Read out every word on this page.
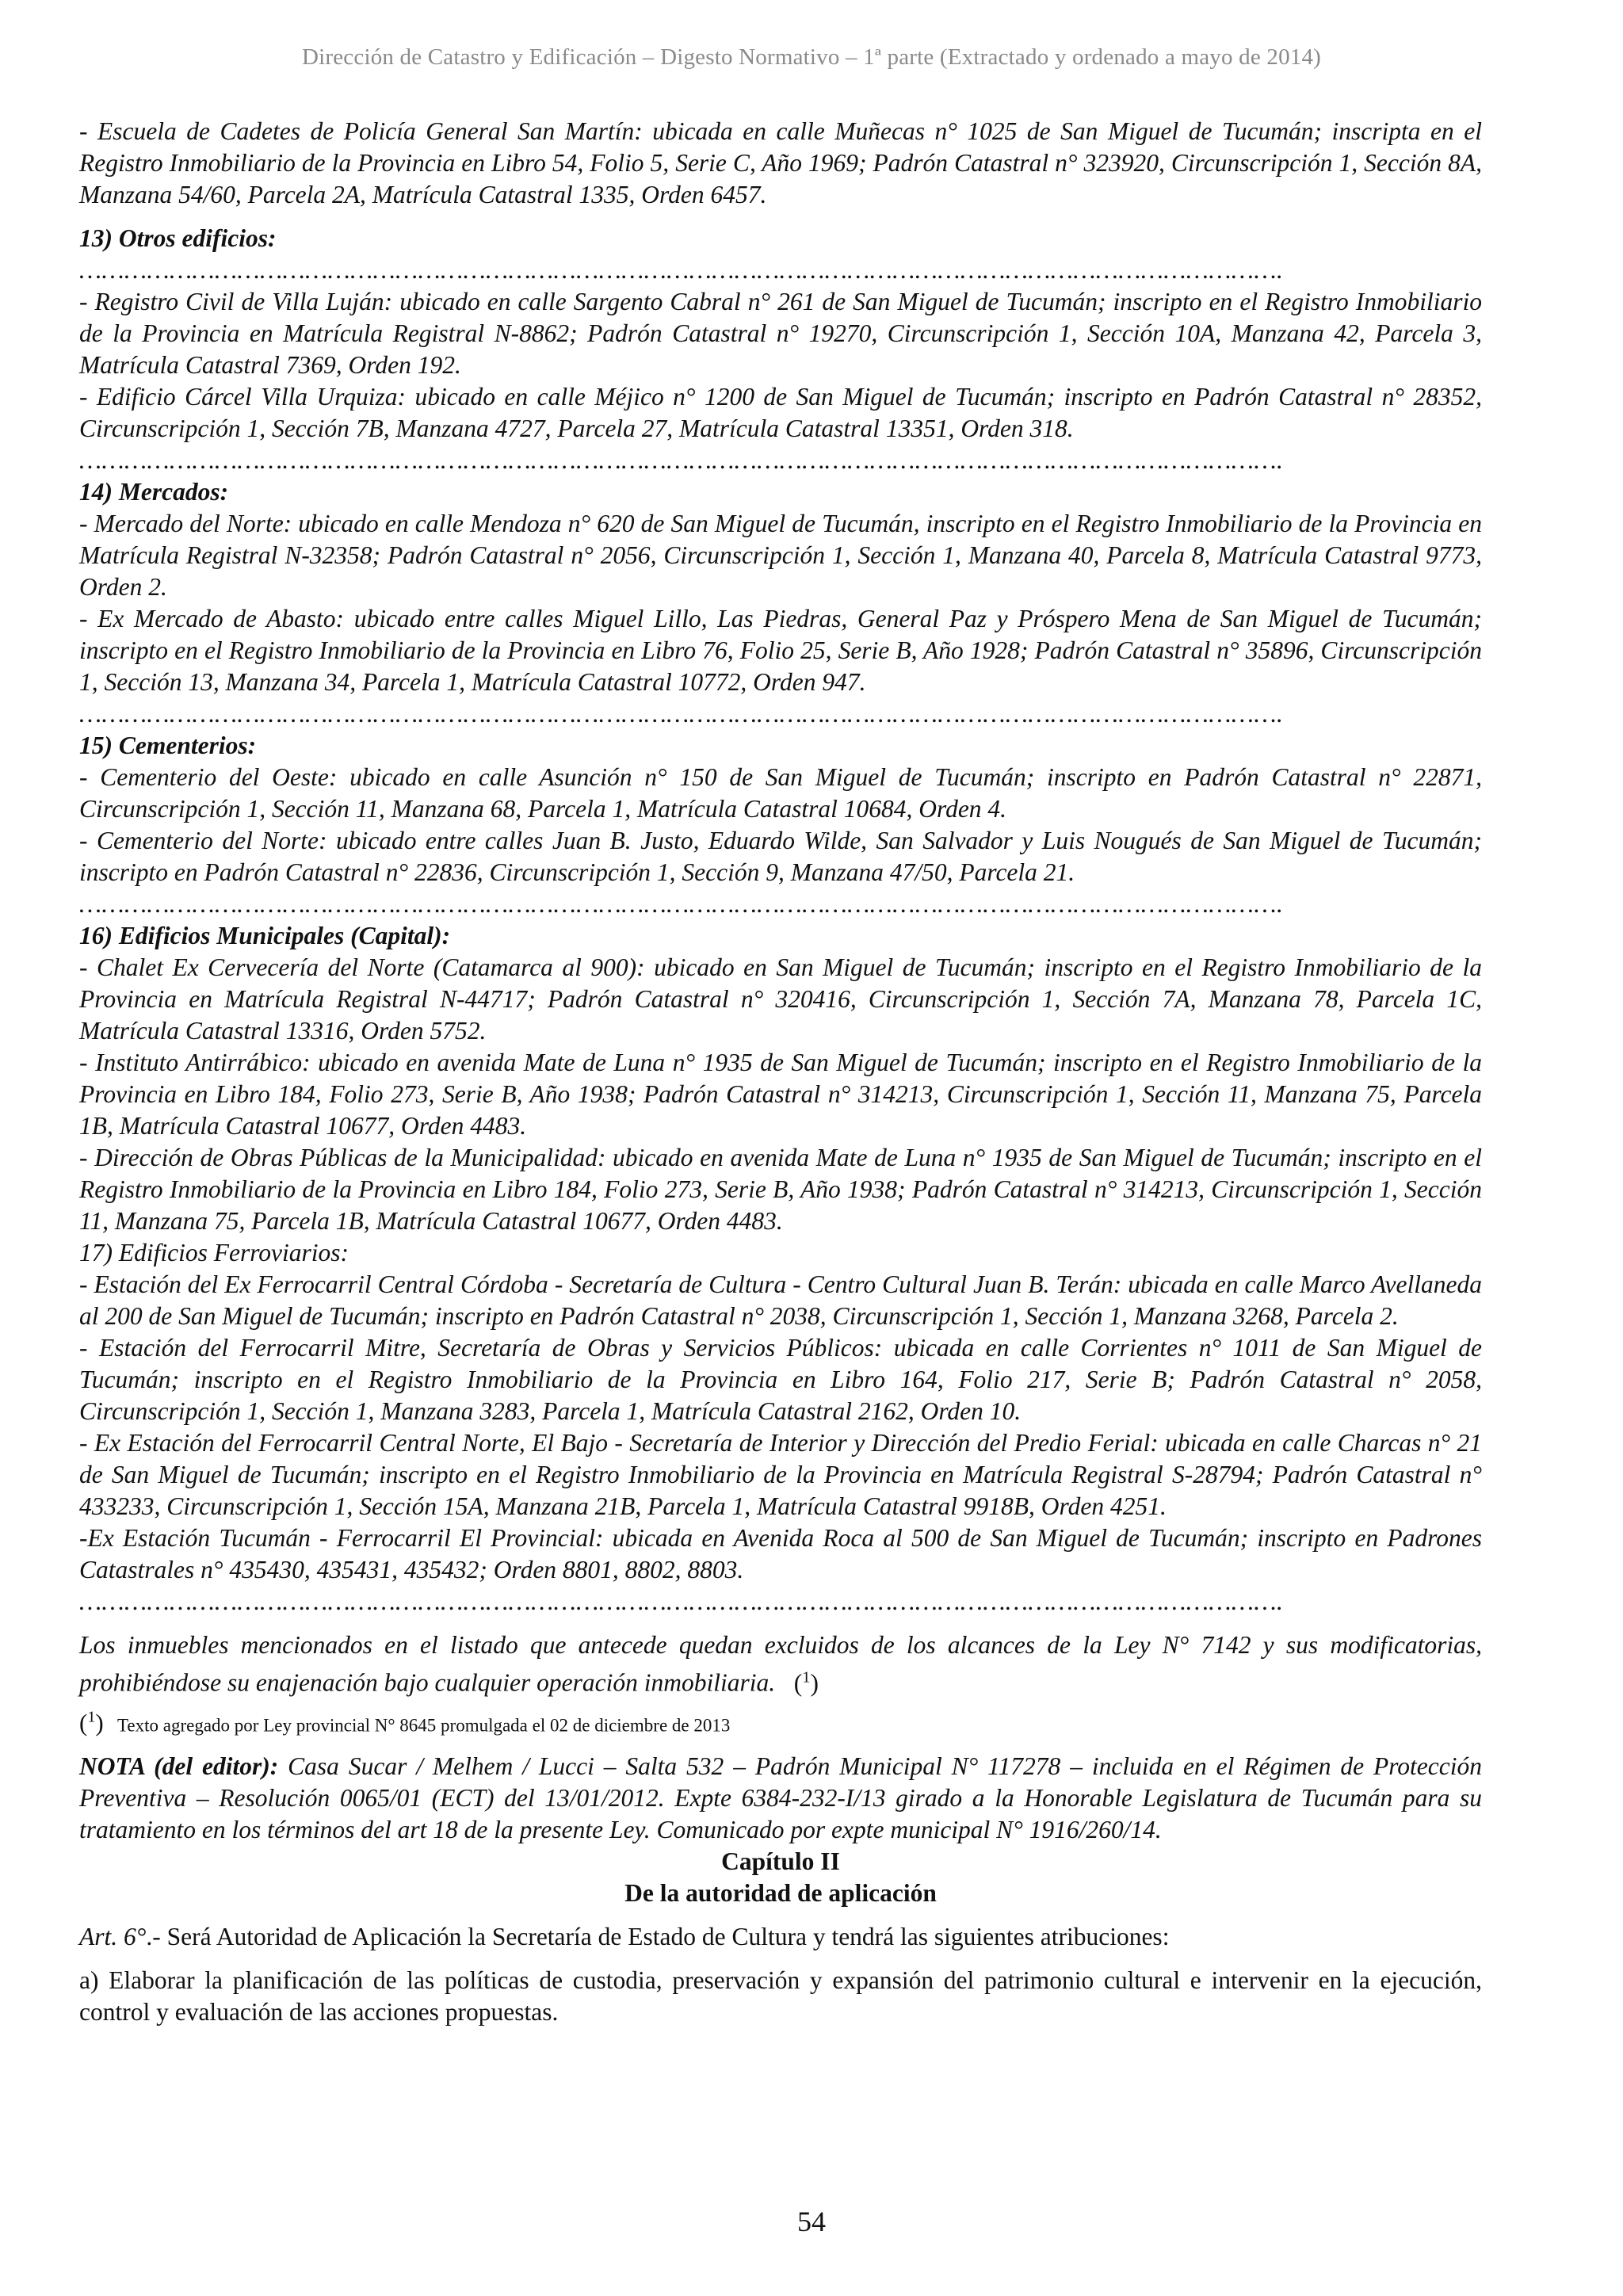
Dirección de Catastro y Edificación – Digesto Normativo – 1ª parte (Extractado y ordenado a mayo de 2014)

- Escuela de Cadetes de Policía General San Martín: ubicada en calle Muñecas n° 1025 de San Miguel de Tucumán; inscripta en el Registro Inmobiliario de la Provincia en Libro 54, Folio 5, Serie C, Año 1969; Padrón Catastral n° 323920, Circunscripción 1, Sección 8A, Manzana 54/60, Parcela 2A, Matrícula Catastral 1335, Orden 6457.

13) Otros edificios:

…………………………………………………………………………………………………………………………………………….

- Registro Civil de Villa Luján: ubicado en calle Sargento Cabral n° 261 de San Miguel de Tucumán; inscripto en el Registro Inmobiliario de la Provincia en Matrícula Registral N-8862; Padrón Catastral n° 19270, Circunscripción 1, Sección 10A, Manzana 42, Parcela 3, Matrícula Catastral 7369, Orden 192.

- Edificio Cárcel Villa Urquiza: ubicado en calle Méjico n° 1200 de San Miguel de Tucumán; inscripto en Padrón Catastral n° 28352, Circunscripción 1, Sección 7B, Manzana 4727, Parcela 27, Matrícula Catastral 13351, Orden 318.

…………………………………………………………………………………………………………………………………………….

14) Mercados:

- Mercado del Norte: ubicado en calle Mendoza n° 620 de San Miguel de Tucumán, inscripto en el Registro Inmobiliario de la Provincia en Matrícula Registral N-32358; Padrón Catastral n° 2056, Circunscripción 1, Sección 1, Manzana 40, Parcela 8, Matrícula Catastral 9773, Orden 2.

- Ex Mercado de Abasto: ubicado entre calles Miguel Lillo, Las Piedras, General Paz y Próspero Mena de San Miguel de Tucumán; inscripto en el Registro Inmobiliario de la Provincia en Libro 76, Folio 25, Serie B, Año 1928; Padrón Catastral n° 35896, Circunscripción 1, Sección 13, Manzana 34, Parcela 1, Matrícula Catastral 10772, Orden 947.

…………………………………………………………………………………………………………………………………………….

15) Cementerios:

- Cementerio del Oeste: ubicado en calle Asunción n° 150 de San Miguel de Tucumán; inscripto en Padrón Catastral n° 22871, Circunscripción 1, Sección 11, Manzana 68, Parcela 1, Matrícula Catastral 10684, Orden 4.

- Cementerio del Norte: ubicado entre calles Juan B. Justo, Eduardo Wilde, San Salvador y Luis Nougués de San Miguel de Tucumán; inscripto en Padrón Catastral n° 22836, Circunscripción 1, Sección 9, Manzana 47/50, Parcela 21.

…………………………………………………………………………………………………………………………………………….

16) Edificios Municipales (Capital):

- Chalet Ex Cervecería del Norte (Catamarca al 900): ubicado en San Miguel de Tucumán; inscripto en el Registro Inmobiliario de la Provincia en Matrícula Registral N-44717; Padrón Catastral n° 320416, Circunscripción 1, Sección 7A, Manzana 78, Parcela 1C, Matrícula Catastral 13316, Orden 5752.

- Instituto Antirrábico: ubicado en avenida Mate de Luna n° 1935 de San Miguel de Tucumán; inscripto en el Registro Inmobiliario de la Provincia en Libro 184, Folio 273, Serie B, Año 1938; Padrón Catastral n° 314213, Circunscripción 1, Sección 11, Manzana 75, Parcela 1B, Matrícula Catastral 10677, Orden 4483.

- Dirección de Obras Públicas de la Municipalidad: ubicado en avenida Mate de Luna n° 1935 de San Miguel de Tucumán; inscripto en el Registro Inmobiliario de la Provincia en Libro 184, Folio 273, Serie B, Año 1938; Padrón Catastral n° 314213, Circunscripción 1, Sección 11, Manzana 75, Parcela 1B, Matrícula Catastral 10677, Orden 4483.

17) Edificios Ferroviarios:

- Estación del Ex Ferrocarril Central Córdoba - Secretaría de Cultura - Centro Cultural Juan B. Terán: ubicada en calle Marco Avellaneda al 200 de San Miguel de Tucumán; inscripto en Padrón Catastral n° 2038, Circunscripción 1, Sección 1, Manzana 3268, Parcela 2.

- Estación del Ferrocarril Mitre, Secretaría de Obras y Servicios Públicos: ubicada en calle Corrientes n° 1011 de San Miguel de Tucumán; inscripto en el Registro Inmobiliario de la Provincia en Libro 164, Folio 217, Serie B; Padrón Catastral n° 2058, Circunscripción 1, Sección 1, Manzana 3283, Parcela 1, Matrícula Catastral 2162, Orden 10.

- Ex Estación del Ferrocarril Central Norte, El Bajo - Secretaría de Interior y Dirección del Predio Ferial: ubicada en calle Charcas n° 21 de San Miguel de Tucumán; inscripto en el Registro Inmobiliario de la Provincia en Matrícula Registral S-28794; Padrón Catastral n° 433233, Circunscripción 1, Sección 15A, Manzana 21B, Parcela 1, Matrícula Catastral 9918B, Orden 4251.

-Ex Estación Tucumán - Ferrocarril El Provincial: ubicada en Avenida Roca al 500 de San Miguel de Tucumán; inscripto en Padrones Catastrales n° 435430, 435431, 435432; Orden 8801, 8802, 8803.

…………………………………………………………………………………………………………………………………………….

Los inmuebles mencionados en el listado que antecede quedan excluidos de los alcances de la Ley N° 7142 y sus modificatorias, prohibiéndose su enajenación bajo cualquier operación inmobiliaria. ($^1$)

($^1$) Texto agregado por Ley provincial N° 8645 promulgada el 02 de diciembre de 2013

NOTA (del editor): Casa Sucar / Melhem / Lucci – Salta 532 – Padrón Municipal N° 117278 – incluida en el Régimen de Protección Preventiva – Resolución 0065/01 (ECT) del 13/01/2012. Expte 6384-232-I/13 girado a la Honorable Legislatura de Tucumán para su tratamiento en los términos del art 18 de la presente Ley. Comunicado por expte municipal N° 1916/260/14.

Capítulo II

De la autoridad de aplicación

Art. 6°.- Será Autoridad de Aplicación la Secretaría de Estado de Cultura y tendrá las siguientes atribuciones:

a) Elaborar la planificación de las políticas de custodia, preservación y expansión del patrimonio cultural e intervenir en la ejecución, control y evaluación de las acciones propuestas.

54
